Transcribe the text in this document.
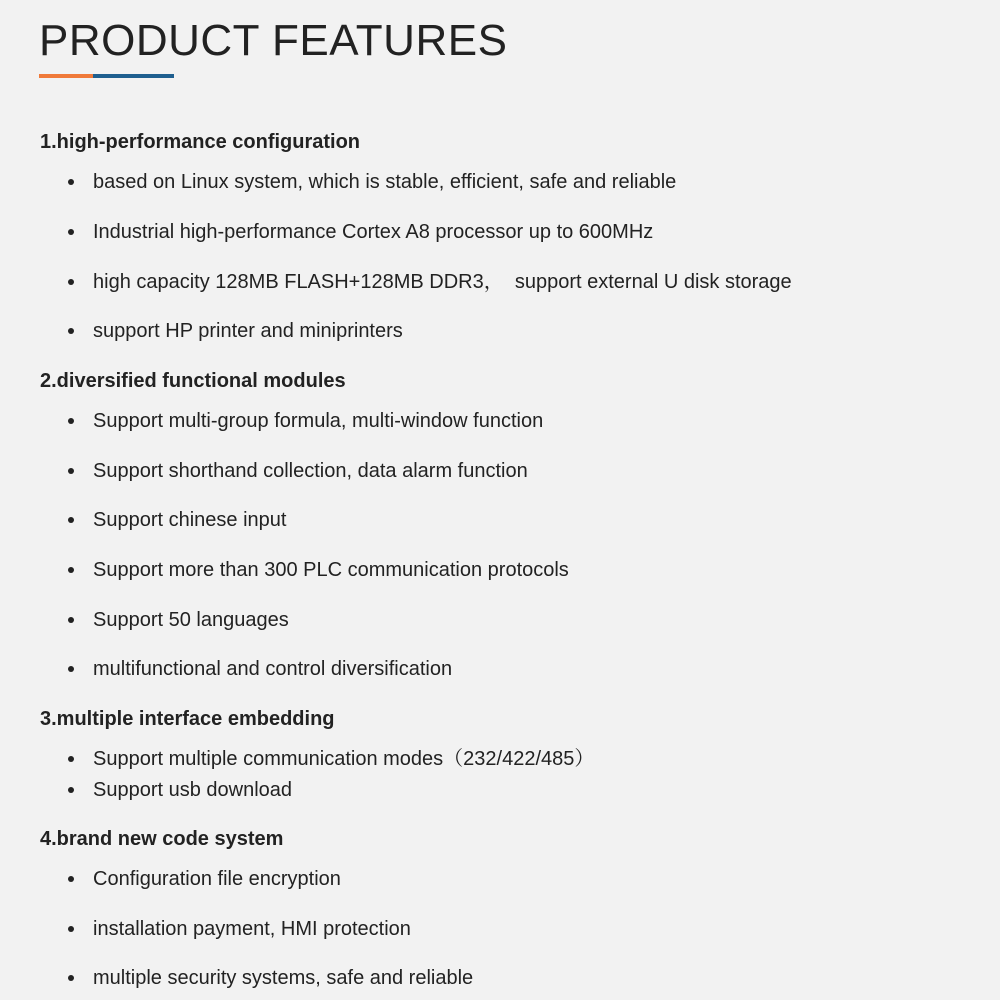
PRODUCT FEATURES
1.high-performance configuration
based on Linux system, which is stable, efficient, safe and reliable
Industrial high-performance Cortex A8 processor up to 600MHz
high capacity 128MB FLASH+128MB DDR3，  support external U disk storage
support HP printer and miniprinters
2.diversified functional modules
Support multi-group formula, multi-window function
Support shorthand collection, data alarm function
Support chinese input
Support more than 300 PLC communication protocols
Support 50 languages
multifunctional and control diversification
3.multiple interface embedding
Support multiple communication modes（232/422/485）
Support usb download
4.brand new code system
Configuration file encryption
installation payment, HMI protection
multiple security systems, safe and reliable
